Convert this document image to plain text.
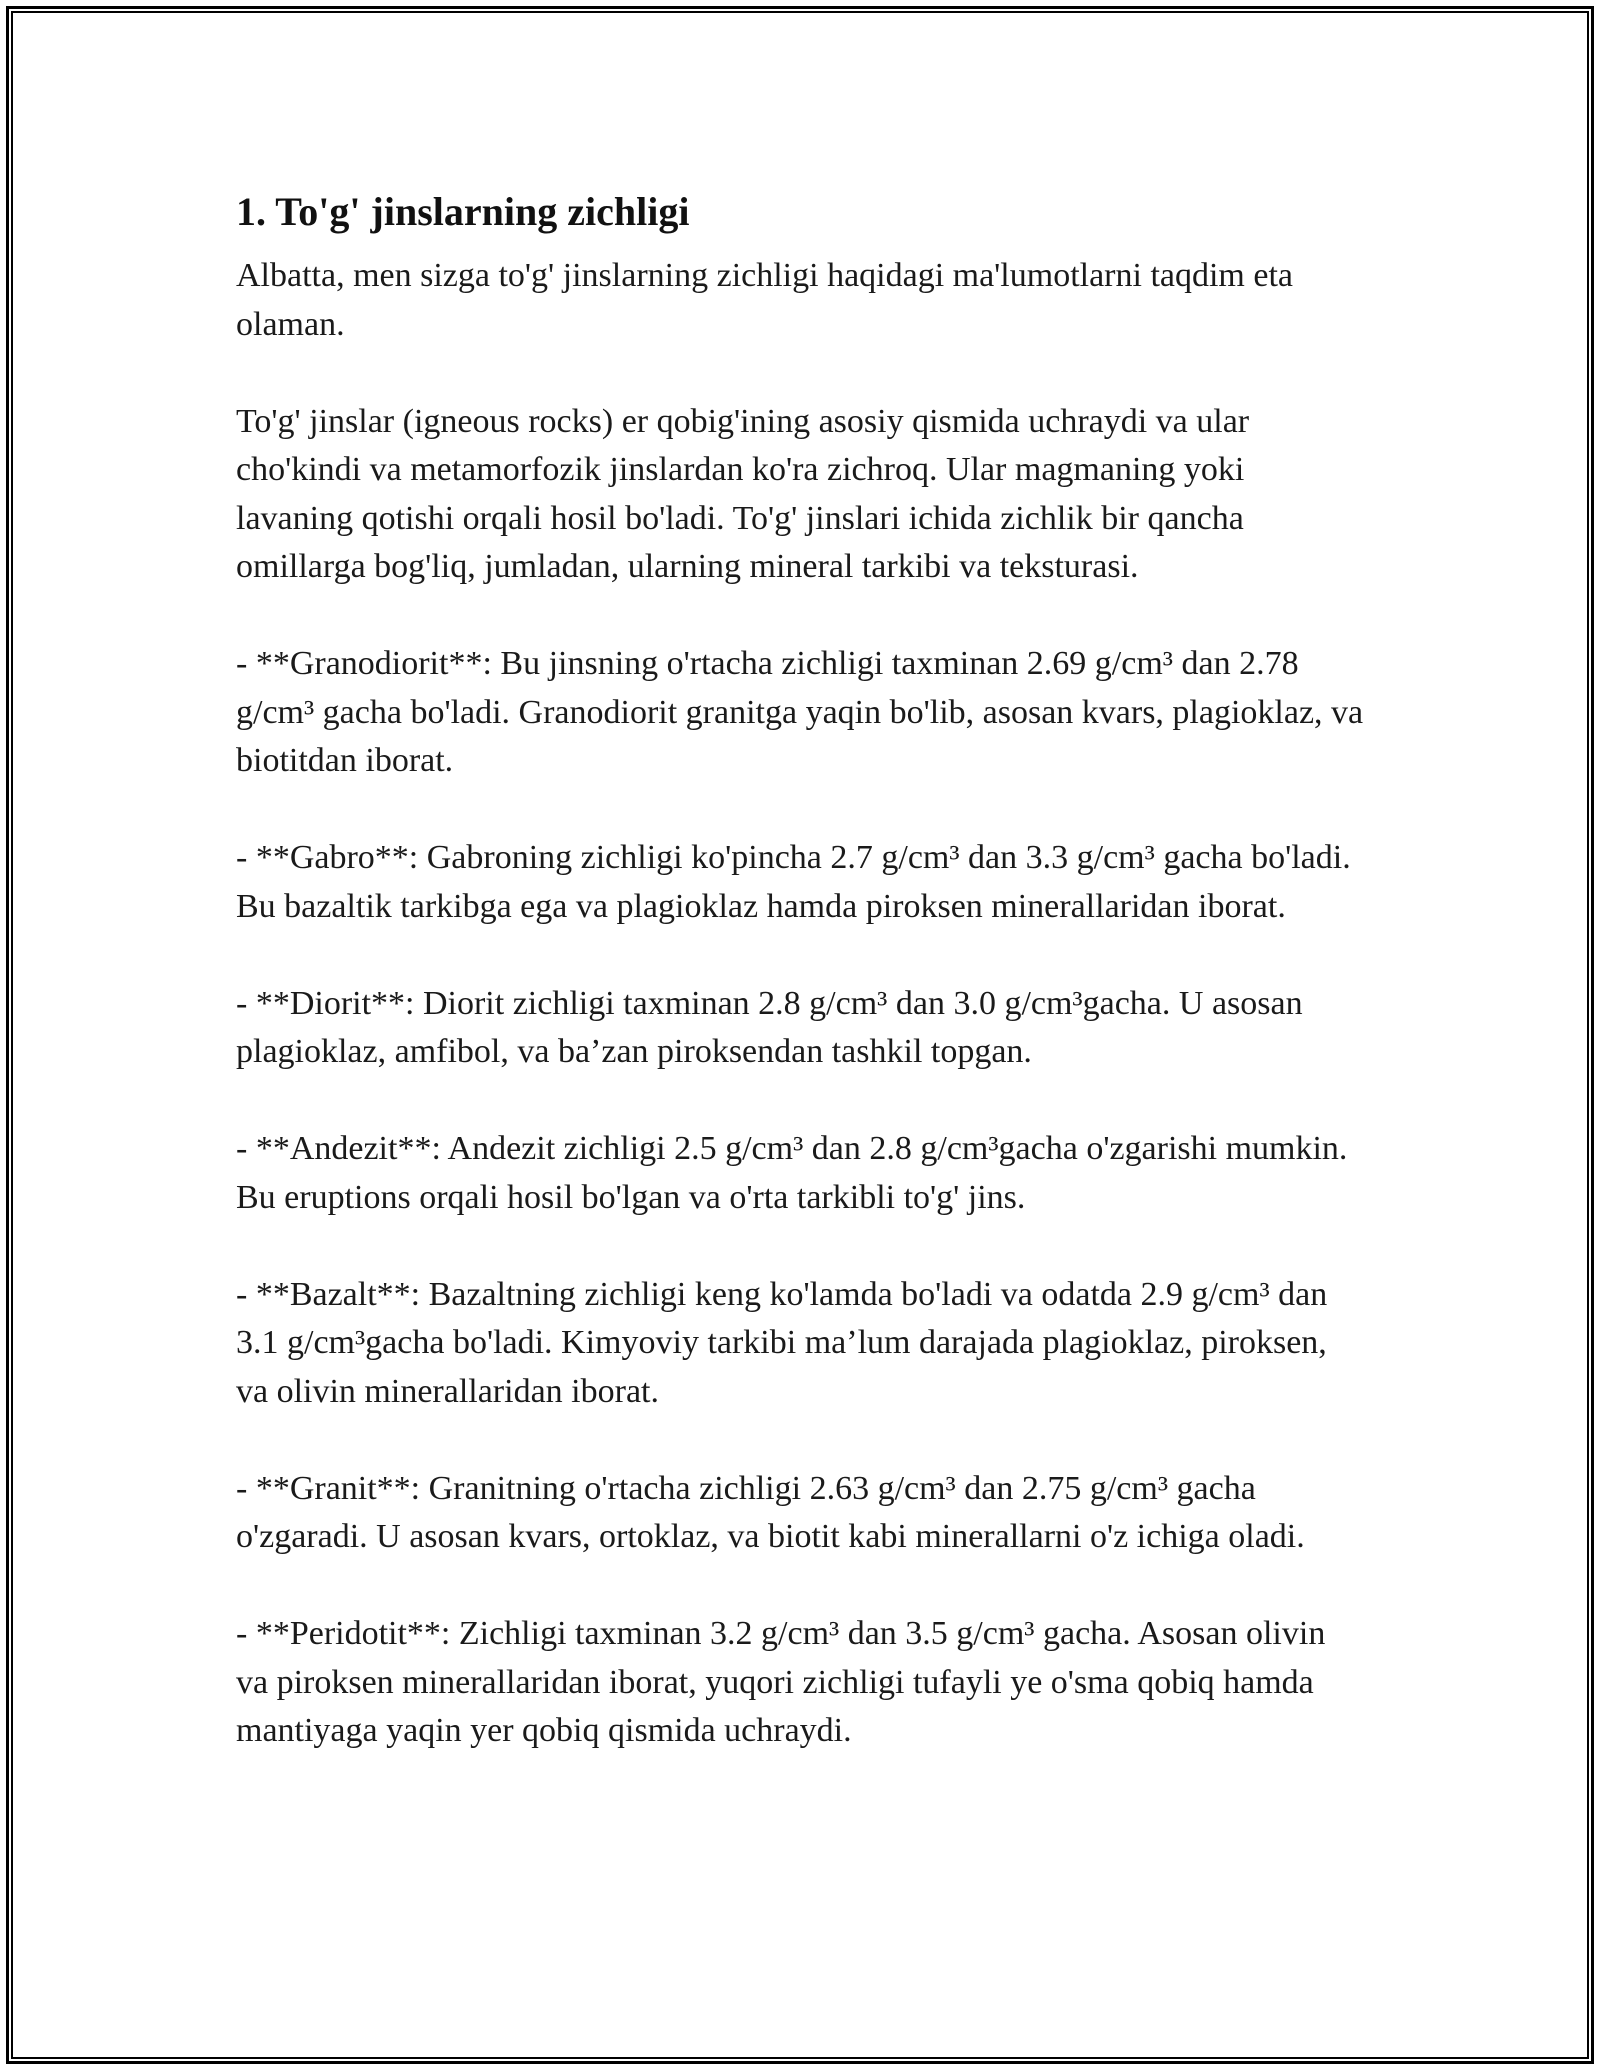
1. To'g' jinslarning zichligi

Albatta, men sizga to'g' jinslarning zichligi haqidagi ma'lumotlarni taqdim eta olaman.

To'g' jinslar (igneous rocks) er qobig'ining asosiy qismida uchraydi va ular cho'kindi va metamorfozik jinslardan ko'ra zichroq. Ular magmaning yoki lavaning qotishi orqali hosil bo'ladi. To'g' jinslari ichida zichlik bir qancha omillarga bog'liq, jumladan, ularning mineral tarkibi va teksturasi.

- **Granodiorit**: Bu jinsning o'rtacha zichligi taxminan 2.69 g/cm³ dan 2.78 g/cm³ gacha bo'ladi. Granodiorit granitga yaqin bo'lib, asosan kvars, plagioklaz, va biotitdan iborat.

- **Gabro**: Gabroning zichligi ko'pincha 2.7 g/cm³ dan 3.3 g/cm³ gacha bo'ladi. Bu bazaltik tarkibga ega va plagioklaz hamda piroksen minerallaridan iborat.

- **Diorit**: Diorit zichligi taxminan 2.8 g/cm³ dan 3.0 g/cm³gacha. U asosan plagioklaz, amfibol, va ba’zan piroksendan tashkil topgan.

- **Andezit**: Andezit zichligi 2.5 g/cm³ dan 2.8 g/cm³gacha o'zgarishi mumkin. Bu eruptions orqali hosil bo'lgan va o'rta tarkibli to'g' jins.

- **Bazalt**: Bazaltning zichligi keng ko'lamda bo'ladi va odatda 2.9 g/cm³ dan 3.1 g/cm³gacha bo'ladi. Kimyoviy tarkibi ma’lum darajada plagioklaz, piroksen, va olivin minerallaridan iborat.

- **Granit**: Granitning o'rtacha zichligi 2.63 g/cm³ dan 2.75 g/cm³ gacha o'zgaradi. U asosan kvars, ortoklaz, va biotit kabi minerallarni o'z ichiga oladi.

- **Peridotit**: Zichligi taxminan 3.2 g/cm³ dan 3.5 g/cm³ gacha. Asosan olivin va piroksen minerallaridan iborat, yuqori zichligi tufayli ye o'sma qobiq hamda mantiyaga yaqin yer qobiq qismida uchraydi.
